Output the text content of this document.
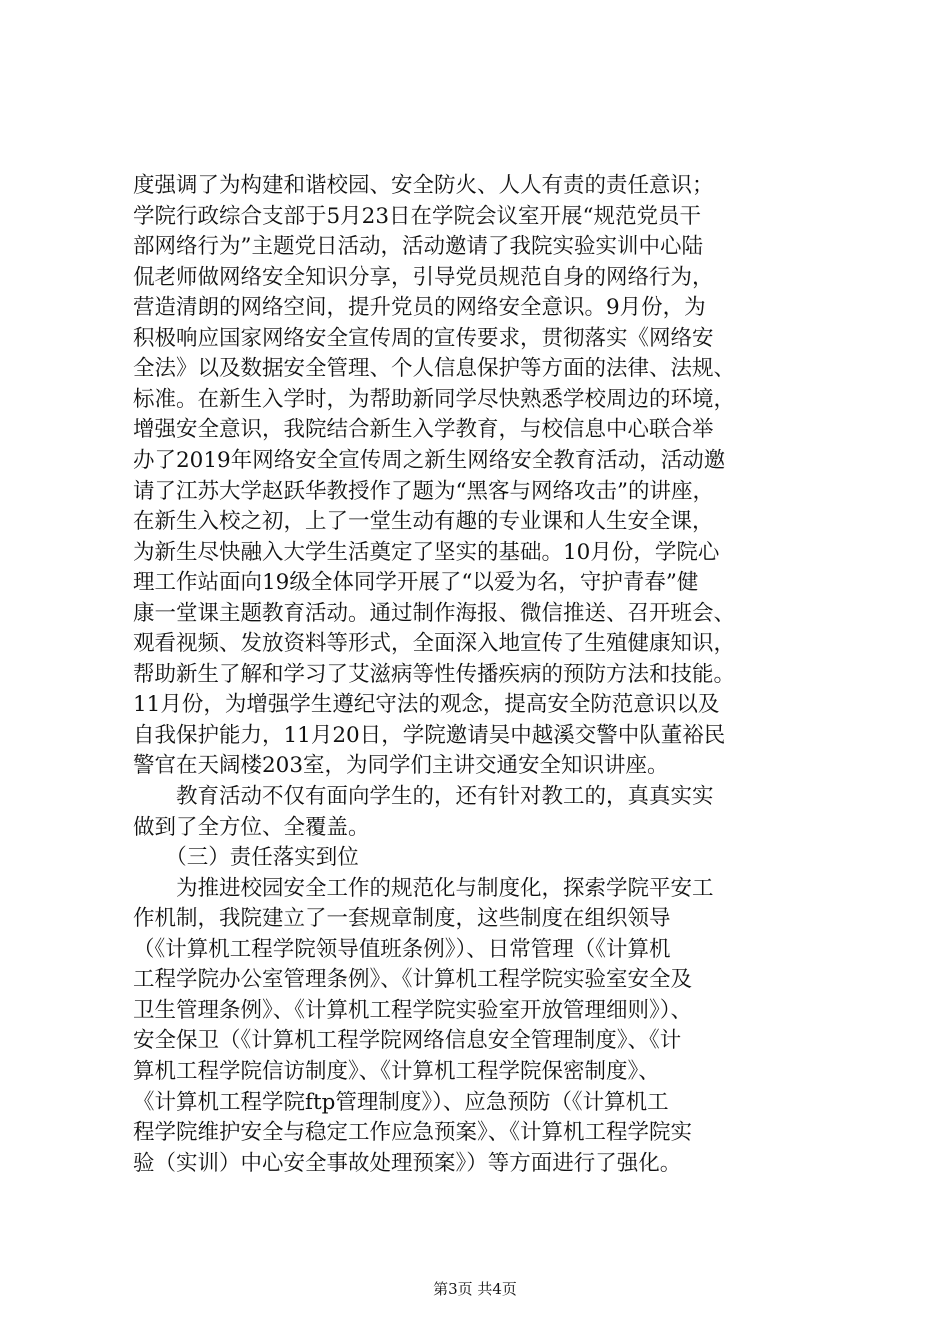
度强调了为构建和谐校园、安全防火、人人有责的责任意识；
学院行政综合支部于5月23日在学院会议室开展“规范党员干
部网络行为”主题党日活动，活动邀请了我院实验实训中心陆
侃老师做网络安全知识分享，引导党员规范自身的网络行为，
营造清朗的网络空间，提升党员的网络安全意识。9月份，为
积极响应国家网络安全宣传周的宣传要求，贯彻落实《网络安
全法》以及数据安全管理、个人信息保护等方面的法律、法规、
标准。在新生入学时，为帮助新同学尽快熟悉学校周边的环境，
增强安全意识，我院结合新生入学教育，与校信息中心联合举
办了2019年网络安全宣传周之新生网络安全教育活动，活动邀
请了江苏大学赵跃华教授作了题为“黑客与网络攻击”的讲座，
在新生入校之初，上了一堂生动有趣的专业课和人生安全课，
为新生尽快融入大学生活奠定了坚实的基础。10月份，学院心
理工作站面向19级全体同学开展了“以爱为名，守护青春”健
康一堂课主题教育活动。通过制作海报、微信推送、召开班会、
观看视频、发放资料等形式，全面深入地宣传了生殖健康知识，
帮助新生了解和学习了艾滋病等性传播疾病的预防方法和技能。
11月份，为增强学生遵纪守法的观念，提高安全防范意识以及
自我保护能力，11月20日，学院邀请吴中越溪交警中队董裕民
警官在天阔楼203室，为同学们主讲交通安全知识讲座。
　　教育活动不仅有面向学生的，还有针对教工的，真真实实
做到了全方位、全覆盖。
　　（三）责任落实到位
　　为推进校园安全工作的规范化与制度化，探索学院平安工
作机制，我院建立了一套规章制度，这些制度在组织领导
（《计算机工程学院领导值班条例》）、日常管理（《计算机
工程学院办公室管理条例》、《计算机工程学院实验室安全及
卫生管理条例》、《计算机工程学院实验室开放管理细则》）、
安全保卫（《计算机工程学院网络信息安全管理制度》、《计
算机工程学院信访制度》、《计算机工程学院保密制度》、
《计算机工程学院ftp管理制度》）、应急预防（《计算机工
程学院维护安全与稳定工作应急预案》、《计算机工程学院实
验（实训）中心安全事故处理预案》）等方面进行了强化。
第3页 共4页
